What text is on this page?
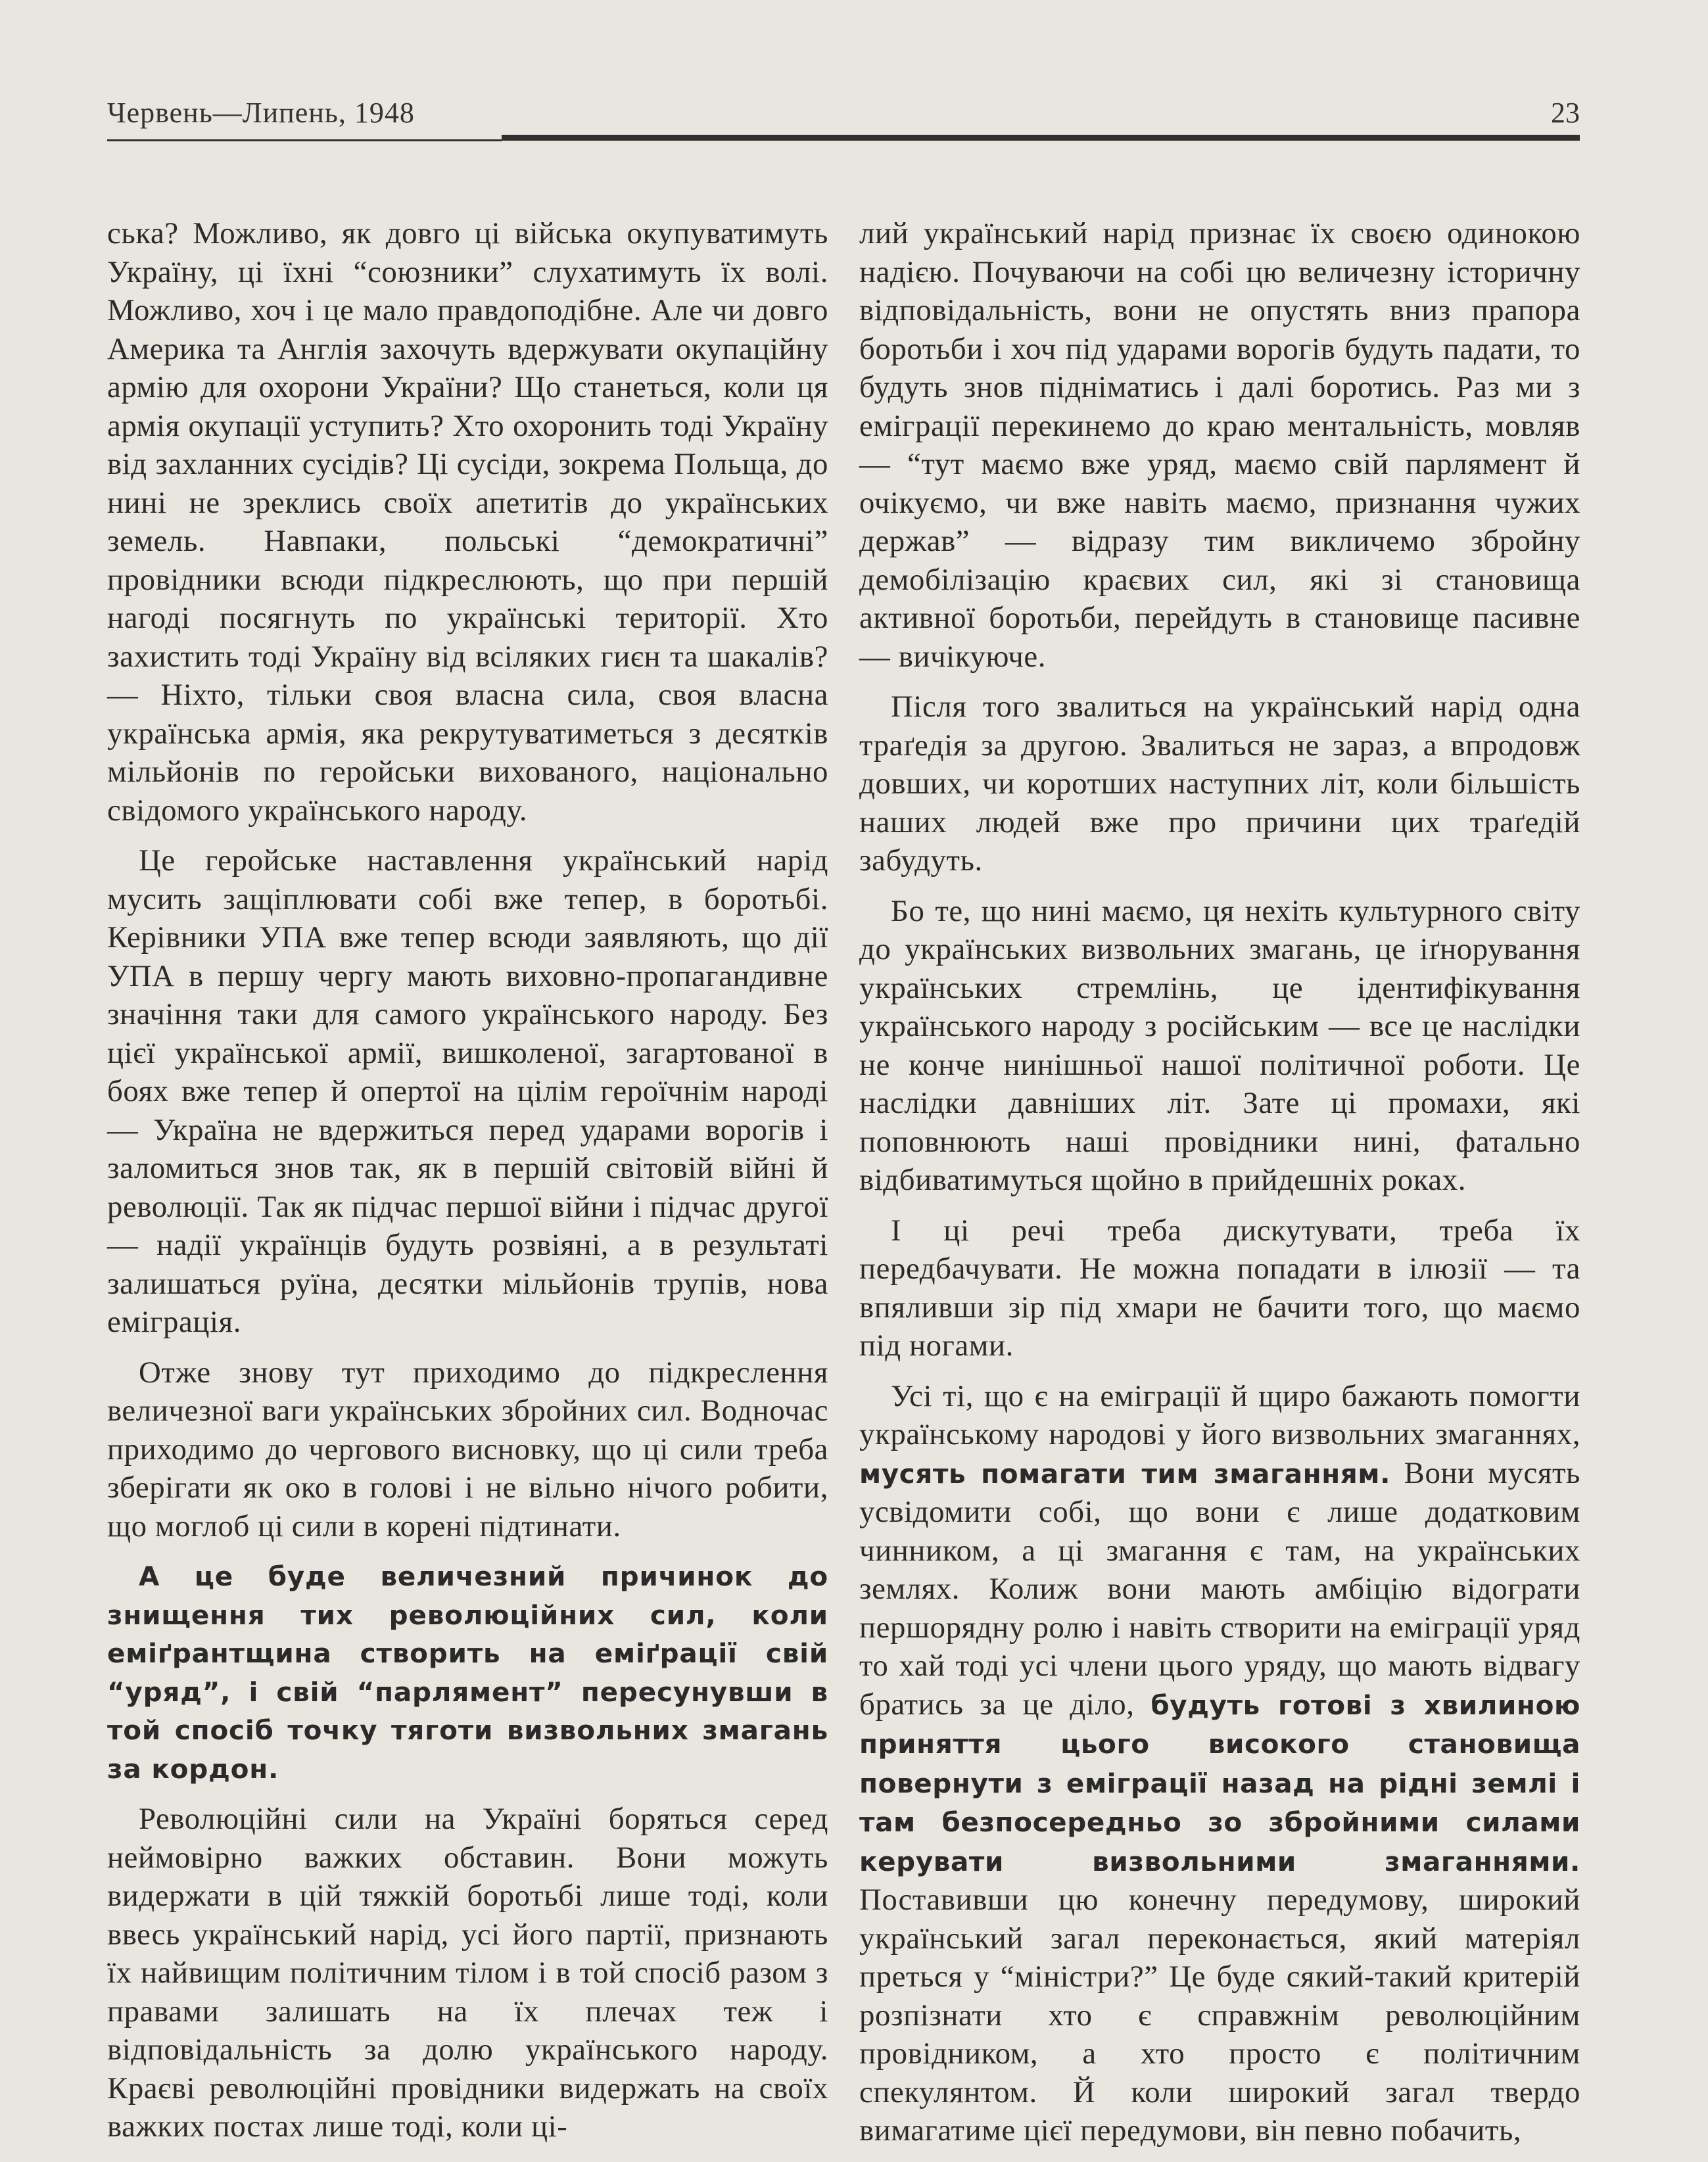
Червень—Липень, 1948	23

ська? Можливо, як довго ці війська окупуватимуть Україну, ці їхні “союзники” слухатимуть їх волі. Можливо, хоч і це мало правдоподібне. Але чи довго Америка та Англія захочуть вдержувати окупаційну армію для охорони України? Що станеться, коли ця армія окупації уступить? Хто охоронить тоді Україну від захланних сусідів? Ці сусіди, зокрема Польща, до нині не зреклись своїх апетитів до українських земель. Навпаки, польські “демократичні” провідники всюди підкреслюють, що при першій нагоді посягнуть по українські території. Хто захистить тоді Україну від всіляких гиєн та шакалів? — Ніхто, тільки своя власна сила, своя власна українська армія, яка рекрутуватиметься з десятків мільйонів по геройськи вихованого, національно свідомого українського народу.

Це геройське наставлення український нарід мусить защіплювати собі вже тепер, в боротьбі. Керівники УПА вже тепер всюди заявляють, що дії УПА в першу чергу мають виховно-пропагандивне значіння таки для самого українського народу. Без цієї української армії, вишколеної, загартованої в боях вже тепер й опертої на цілім героїчнім народі — Україна не вдержиться перед ударами ворогів і заломиться знов так, як в першій світовій війні й революції. Так як підчас першої війни і підчас другої — надії українців будуть розвіяні, а в результаті залишаться руїна, десятки мільйонів трупів, нова еміграція.

Отже знову тут приходимо до підкреслення величезної ваги українських збройних сил. Водночас приходимо до чергового висновку, що ці сили треба зберігати як око в голові і не вільно нічого робити, що моглоб ці сили в корені підтинати.

А це буде величезний причинок до знищення тих революційних сил, коли еміґрантщина створить на еміґрації свій “уряд”, і свій “парлямент” пересунувши в той спосіб точку тяготи визвольних змагань за кордон.

Революційні сили на Україні боряться серед неймовірно важких обставин. Вони можуть видержати в цій тяжкій боротьбі лише тоді, коли ввесь український нарід, усі його партії, признають їх найвищим політичним тілом і в той спосіб разом з правами залишать на їх плечах теж і відповідальність за долю українського народу. Краєві революційні провідники видержать на своїх важких постах лише тоді, коли ці-

лий український нарід признає їх своєю одинокою надією. Почуваючи на собі цю величезну історичну відповідальність, вони не опустять вниз прапора боротьби і хоч під ударами ворогів будуть падати, то будуть знов підніматись і далі боротись. Раз ми з еміграції перекинемо до краю ментальність, мовляв — “тут маємо вже уряд, маємо свій парлямент й очікуємо, чи вже навіть маємо, признання чужих держав” — відразу тим викличемо збройну демобілізацію краєвих сил, які зі становища активної боротьби, перейдуть в становище пасивне — вичікуюче.

Після того звалиться на український нарід одна траґедія за другою. Звалиться не зараз, а впродовж довших, чи коротших наступних літ, коли більшість наших людей вже про причини цих траґедій забудуть.

Бо те, що нині маємо, ця нехіть культурного світу до українських визвольних змагань, це іґнорування українських стремлінь, це ідентифікування українського народу з російським — все це наслідки не конче нинішньої нашої політичної роботи. Це наслідки давніших літ. Зате ці промахи, які поповнюють наші провідники нині, фатально відбиватимуться щойно в прийдешніх роках.

І ці речі треба дискутувати, треба їх передбачувати. Не можна попадати в ілюзії — та впяливши зір під хмари не бачити того, що маємо під ногами.

Усі ті, що є на еміграції й щиро бажають помогти українському народові у його визвольних змаганнях, мусять помагати тим змаганням. Вони мусять усвідомити собі, що вони є лише додатковим чинником, а ці змагання є там, на українських землях. Колиж вони мають амбіцію відограти першорядну ролю і навіть створити на еміграції уряд то хай тоді усі члени цього уряду, що мають відвагу братись за це діло, будуть готові з хвилиною приняття цього високого становища повернути з еміграції назад на рідні землі і там безпосередньо зо збройними силами керувати визвольними змаганнями. Поставивши цю конечну передумову, широкий український загал переконається, який матеріял преться у “міністри?” Це буде сякий-такий критерій розпізнати хто є справжнім революційним провідником, а хто просто є політичним спекулянтом. Й коли широкий загал твердо вимагатиме цієї передумови, він певно побачить,
